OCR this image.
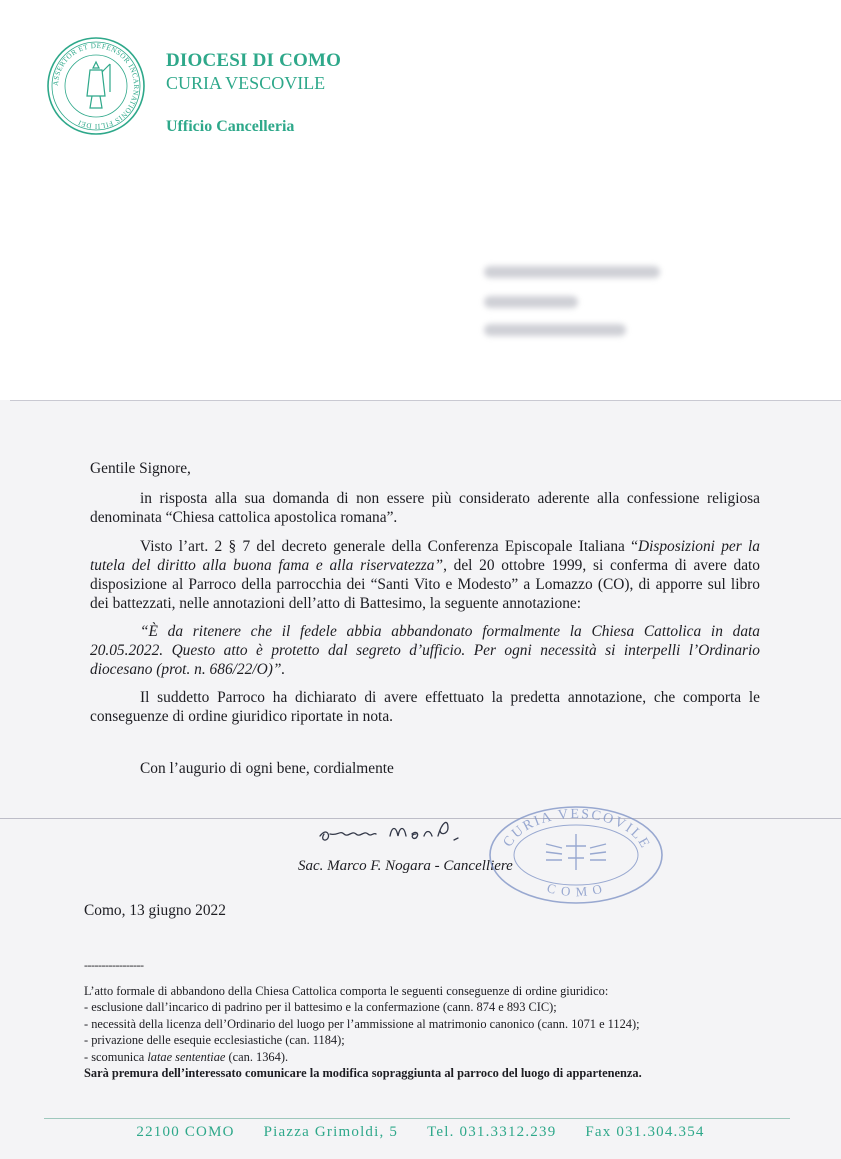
ASSERTOR ET DEFENSOR INCARNATIONIS FILII DEI
DIOCESI DI COMO
CURIA VESCOVILE
Ufficio Cancelleria
Gentile Signore,
in risposta alla sua domanda di non essere più considerato aderente alla confessione religiosa denominata “Chiesa cattolica apostolica romana”.
Visto l’art. 2 § 7 del decreto generale della Conferenza Episcopale Italiana “Disposizioni per la tutela del diritto alla buona fama e alla riservatezza”, del 20 ottobre 1999, si conferma di avere dato disposizione al Parroco della parrocchia dei “Santi Vito e Modesto” a Lomazzo (CO), di apporre sul libro dei battezzati, nelle annotazioni dell’atto di Battesimo, la seguente annotazione:
“È da ritenere che il fedele abbia abbandonato formalmente la Chiesa Cattolica in data 20.05.2022. Questo atto è protetto dal segreto d’ufficio. Per ogni necessità si interpelli l’Ordinario diocesano (prot. n. 686/22/O)”.
Il suddetto Parroco ha dichiarato di avere effettuato la predetta annotazione, che comporta le conseguenze di ordine giuridico riportate in nota.
Con l’augurio di ogni bene, cordialmente
Sac. Marco F. Nogara - Cancelliere
CURIA VESCOVILE
COMO
Como, 13 giugno 2022
-----------------
L’atto formale di abbandono della Chiesa Cattolica comporta le seguenti conseguenze di ordine giuridico:
- esclusione dall’incarico di padrino per il battesimo e la confermazione (cann. 874 e 893 CIC);
- necessità della licenza dell’Ordinario del luogo per l’ammissione al matrimonio canonico (cann. 1071 e 1124);
- privazione delle esequie ecclesiastiche (can. 1184);
- scomunica latae sententiae (can. 1364).
Sarà premura dell’interessato comunicare la modifica sopraggiunta al parroco del luogo di appartenenza.
22100 COMO Piazza Grimoldi, 5 Tel. 031.3312.239 Fax 031.304.354
